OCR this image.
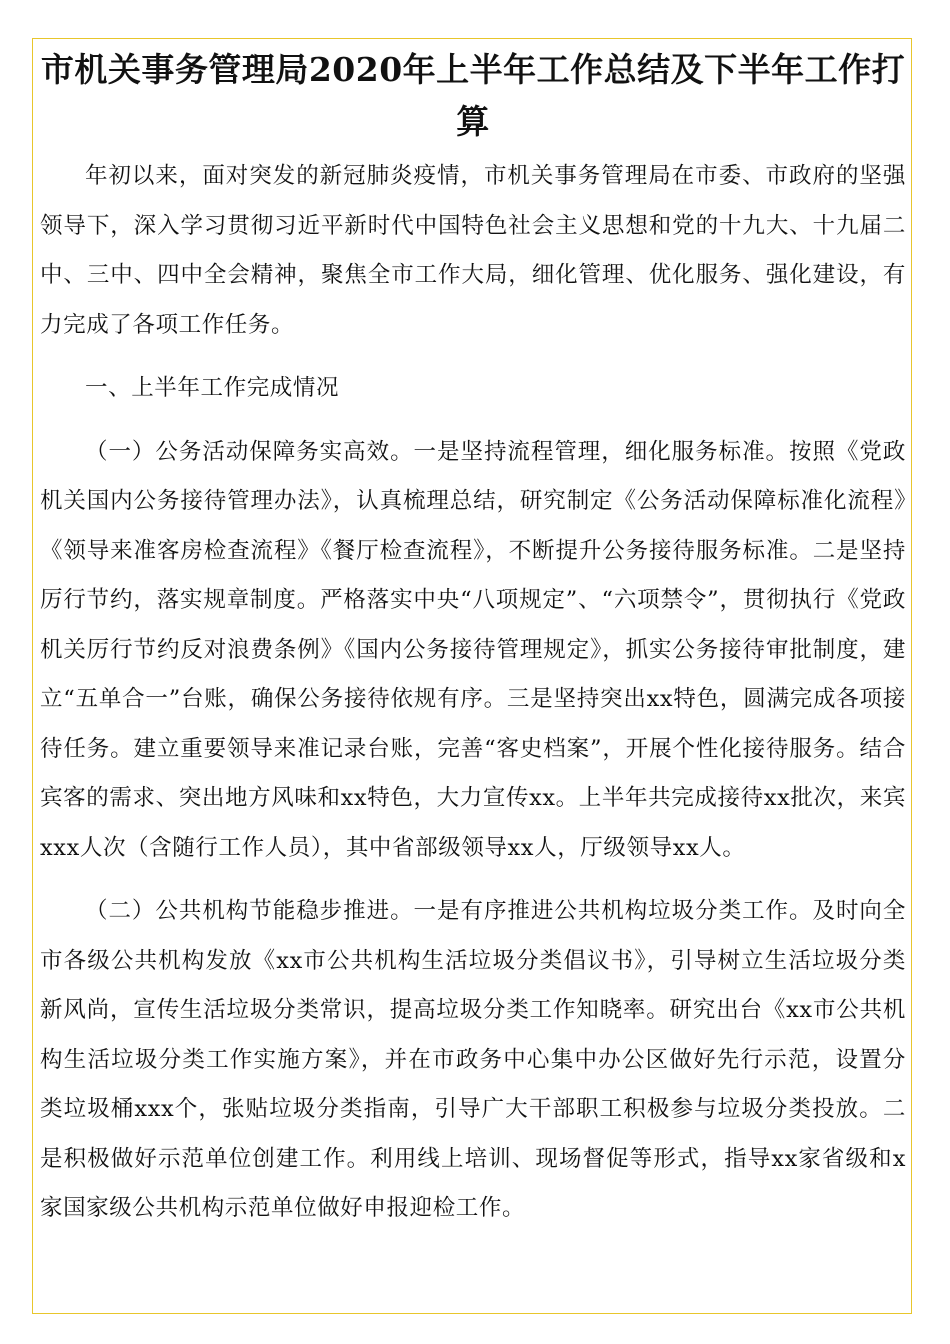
市机关事务管理局2020年上半年工作总结及下半年工作打算

年初以来，面对突发的新冠肺炎疫情，市机关事务管理局在市委、市政府的坚强领导下，深入学习贯彻习近平新时代中国特色社会主义思想和党的十九大、十九届二中、三中、四中全会精神，聚焦全市工作大局，细化管理、优化服务、强化建设，有力完成了各项工作任务。

一、上半年工作完成情况

（一）公务活动保障务实高效。一是坚持流程管理，细化服务标准。按照《党政机关国内公务接待管理办法》，认真梳理总结，研究制定《公务活动保障标准化流程》《领导来准客房检查流程》《餐厅检查流程》，不断提升公务接待服务标准。二是坚持厉行节约，落实规章制度。严格落实中央“八项规定”、“六项禁令”，贯彻执行《党政机关厉行节约反对浪费条例》《国内公务接待管理规定》，抓实公务接待审批制度，建立“五单合一”台账，确保公务接待依规有序。三是坚持突出xx特色，圆满完成各项接待任务。建立重要领导来准记录台账，完善“客史档案”，开展个性化接待服务。结合宾客的需求、突出地方风味和xx特色，大力宣传xx。上半年共完成接待xx批次，来宾xxx人次（含随行工作人员），其中省部级领导xx人，厅级领导xx人。

（二）公共机构节能稳步推进。一是有序推进公共机构垃圾分类工作。及时向全市各级公共机构发放《xx市公共机构生活垃圾分类倡议书》，引导树立生活垃圾分类新风尚，宣传生活垃圾分类常识，提高垃圾分类工作知晓率。研究出台《xx市公共机构生活垃圾分类工作实施方案》，并在市政务中心集中办公区做好先行示范，设置分类垃圾桶xxx个，张贴垃圾分类指南，引导广大干部职工积极参与垃圾分类投放。二是积极做好示范单位创建工作。利用线上培训、现场督促等形式，指导xx家省级和x家国家级公共机构示范单位做好申报迎检工作。
